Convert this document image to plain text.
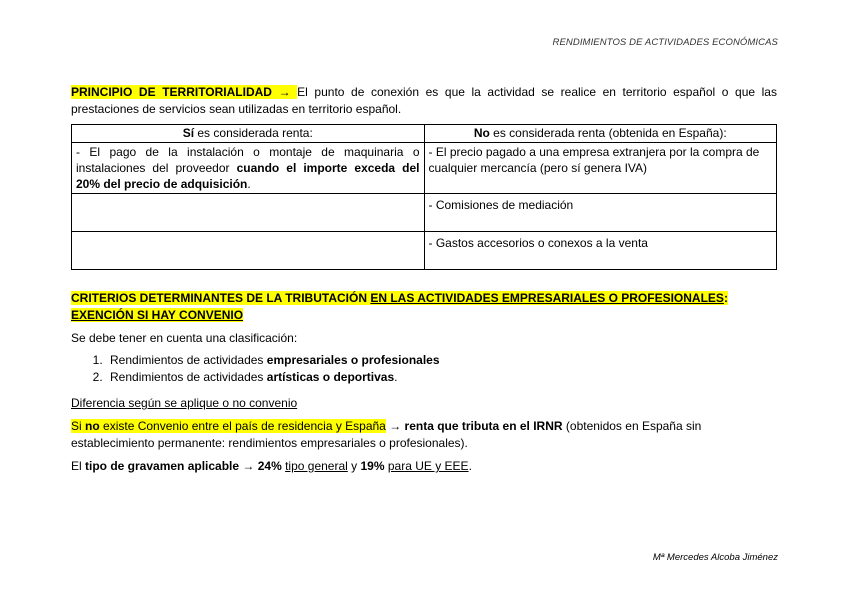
RENDIMIENTOS DE ACTIVIDADES ECONÓMICAS
PRINCIPIO DE TERRITORIALIDAD → El punto de conexión es que la actividad se realice en territorio español o que las prestaciones de servicios sean utilizadas en territorio español.
Sí es considerada renta:	No es considerada renta (obtenida en España):
- El pago de la instalación o montaje de maquinaria o instalaciones del proveedor cuando el importe exceda del 20% del precio de adquisición.	- El precio pagado a una empresa extranjera por la compra de cualquier mercancía (pero sí genera IVA)
	- Comisiones de mediación
	- Gastos accesorios o conexos a la venta
CRITERIOS DETERMINANTES DE LA TRIBUTACIÓN EN LAS ACTIVIDADES EMPRESARIALES O PROFESIONALES:
EXENCIÓN SI HAY CONVENIO
Se debe tener en cuenta una clasificación:
1. Rendimientos de actividades empresariales o profesionales
2. Rendimientos de actividades artísticas o deportivas.
Diferencia según se aplique o no convenio
Si no existe Convenio entre el país de residencia y España → renta que tributa en el IRNR (obtenidos en España sin establecimiento permanente: rendimientos empresariales o profesionales).
El tipo de gravamen aplicable → 24% tipo general y 19% para UE y EEE.
Mª Mercedes Alcoba Jiménez
